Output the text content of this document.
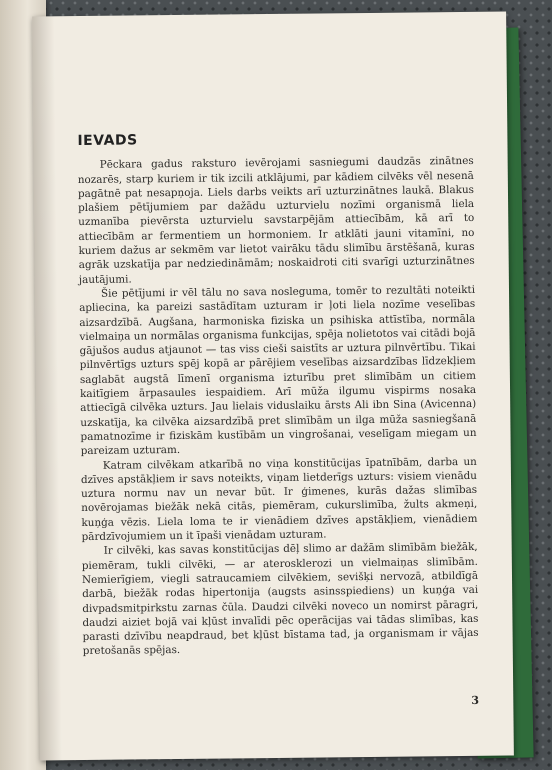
IEVADS

Pēckara gadus raksturo ievērojami sasniegumi daudzās zinātnes nozarēs, starp kuriem ir tik izcili atklājumi, par kādiem cilvēks vēl nesenā pagātnē pat nesapņoja. Liels darbs veikts arī uzturzinātnes laukā. Blakus plašiem pētījumiem par dažādu uzturvielu nozīmi organismā liela uzmanība pievērsta uzturvielu savstarpējām attiecībām, kā arī to attiecībām ar fermentiem un hormoniem. Ir atklāti jauni vitamīni, no kuriem dažus ar sekmēm var lietot vairāku tādu slimību ārstēšanā, kuras agrāk uzskatīja par nedziedināmām; noskaidroti citi svarīgi uzturzinātnes jautājumi.

Šie pētījumi ir vēl tālu no sava nosleguma, tomēr to rezultāti noteikti apliecina, ka pareizi sastādītam uzturam ir ļoti liela nozīme veselības aizsardzībā. Augšana, harmoniska fiziska un psihiska attīstība, normāla vielmaiņa un normālas organisma funkcijas, spēja nolietotos vai citādi bojā gājušos audus atjaunot — tas viss cieši saistīts ar uztura pilnvērtību. Tikai pilnvērtīgs uzturs spēj kopā ar pārējiem veselības aizsardzības līdzekļiem saglabāt augstā līmenī organisma izturību pret slimībām un citiem kaitīgiem ārpasaules iespaidiem. Arī mūža ilgumu vispirms nosaka attiecīgā cilvēka uzturs. Jau lielais viduslaiku ārsts Ali ibn Sina (Avicenna) uzskatīja, ka cilvēka aizsardzībā pret slimībām un ilga mūža sasniegšanā pamatnozīme ir fiziskām kustībām un vingrošanai, veselīgam miegam un pareizam uzturam.

Katram cilvēkam atkarībā no viņa konstitūcijas īpatnībām, darba un dzīves apstākļiem ir savs noteikts, viņam lietderīgs uzturs: visiem vienādu uztura normu nav un nevar būt. Ir ģimenes, kurās dažas slimības novērojamas biežāk nekā citās, piemēram, cukurslimība, žults akmeņi, kuņģa vēzis. Liela loma te ir vienādiem dzīves apstākļiem, vienādiem pārdzīvojumiem un it īpaši vienādam uzturam.

Ir cilvēki, kas savas konstitūcijas dēļ slimo ar dažām slimībām biežāk, piemēram, tukli cilvēki, — ar aterosklerozi un vielmaiņas slimībām. Nemierīgiem, viegli satraucamiem cilvēkiem, sevišķi nervozā, atbildīgā darbā, biežāk rodas hipertonija (augsts asinsspiediens) un kuņģa vai divpadsmitpirkstu zarnas čūla. Daudzi cilvēki novecо un nomirst pāragri, daudzi aiziet bojā vai kļūst invalīdi pēc operācijas vai tādas slimības, kas parasti dzīvību neapdraud, bet kļūst bīstama tad, ja organismam ir vājas pretošanās spējas.

3
